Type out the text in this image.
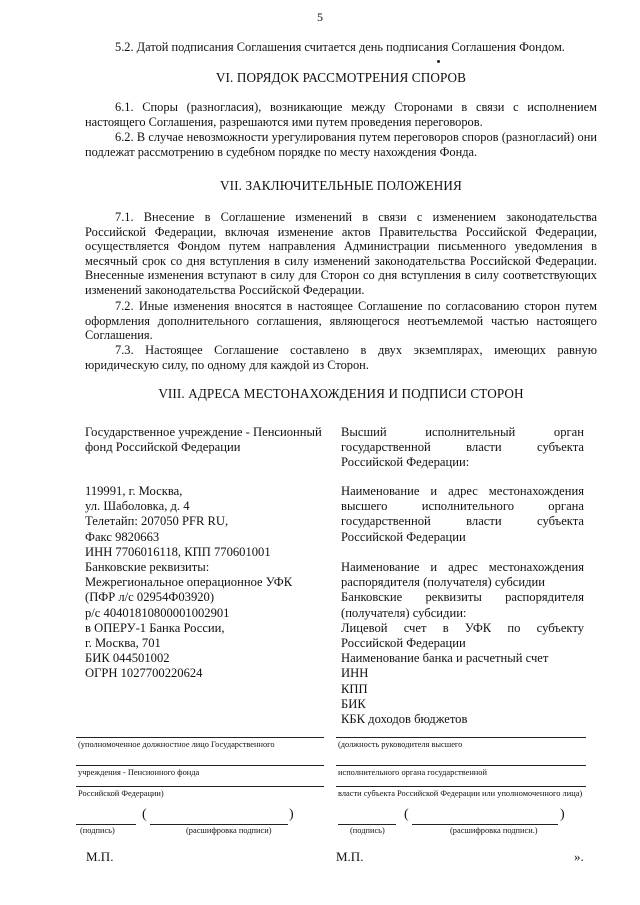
5
5.2. Датой подписания Соглашения считается день подписания Соглашения Фондом.
VI. ПОРЯДОК РАССМОТРЕНИЯ СПОРОВ
6.1. Споры (разногласия), возникающие между Сторонами в связи с исполнением настоящего Соглашения, разрешаются ими путем проведения переговоров.
6.2. В случае невозможности урегулирования путем переговоров споров (разногласий) они подлежат рассмотрению в судебном порядке по месту нахождения Фонда.
VII. ЗАКЛЮЧИТЕЛЬНЫЕ ПОЛОЖЕНИЯ
7.1. Внесение в Соглашение изменений в связи с изменением законодательства Российской Федерации, включая изменение актов Правительства Российской Федерации, осуществляется Фондом путем направления Администрации письменного уведомления в месячный срок со дня вступления в силу изменений законодательства Российской Федерации. Внесенные изменения вступают в силу для Сторон со дня вступления в силу соответствующих изменений законодательства Российской Федерации.
7.2. Иные изменения вносятся в настоящее Соглашение по согласованию сторон путем оформления дополнительного соглашения, являющегося неотъемлемой частью настоящего Соглашения.
7.3. Настоящее Соглашение составлено в двух экземплярах, имеющих равную юридическую силу, по одному для каждой из Сторон.
VIII. АДРЕСА МЕСТОНАХОЖДЕНИЯ И ПОДПИСИ СТОРОН
Государственное учреждение - Пенсионный
фонд Российской Федерации
119991, г. Москва,
ул. Шаболовка, д. 4
Телетайп: 207050 PFR RU,
Факс 9820663
ИНН 7706016118, КПП 770601001
Банковские реквизиты:
Межрегиональное операционное УФК
(ПФР л/с 02954Ф03920)
р/с 40401810800001002901
в ОПЕРУ-1 Банка России,
г. Москва, 701
БИК 044501002
ОГРН 1027700220624
Высший исполнительный орган
государственной власти субъекта
Российской Федерации:
Наименование и адрес местонахождения
высшего исполнительного органа
государственной власти субъекта
Российской Федерации
Наименование и адрес местонахождения
распорядителя (получателя) субсидии
Банковские реквизиты распорядителя
(получателя) субсидии:
Лицевой счет в УФК по субъекту
Российской Федерации
Наименование банка и расчетный счет
ИНН
КПП
БИК
КБК доходов бюджетов
(уполномоченное должностное лицо Государственного
учреждения - Пенсионного фонда
Российской Федерации)
(	)
(подпись)	(расшифровка подписи)
(должность руководителя высшего
исполнительного органа государственной
власти субъекта Российской Федерации или уполномоченного лица)
(	)
(подпись)	(расшифровка подписи.)
М.П.	М.П.	».
